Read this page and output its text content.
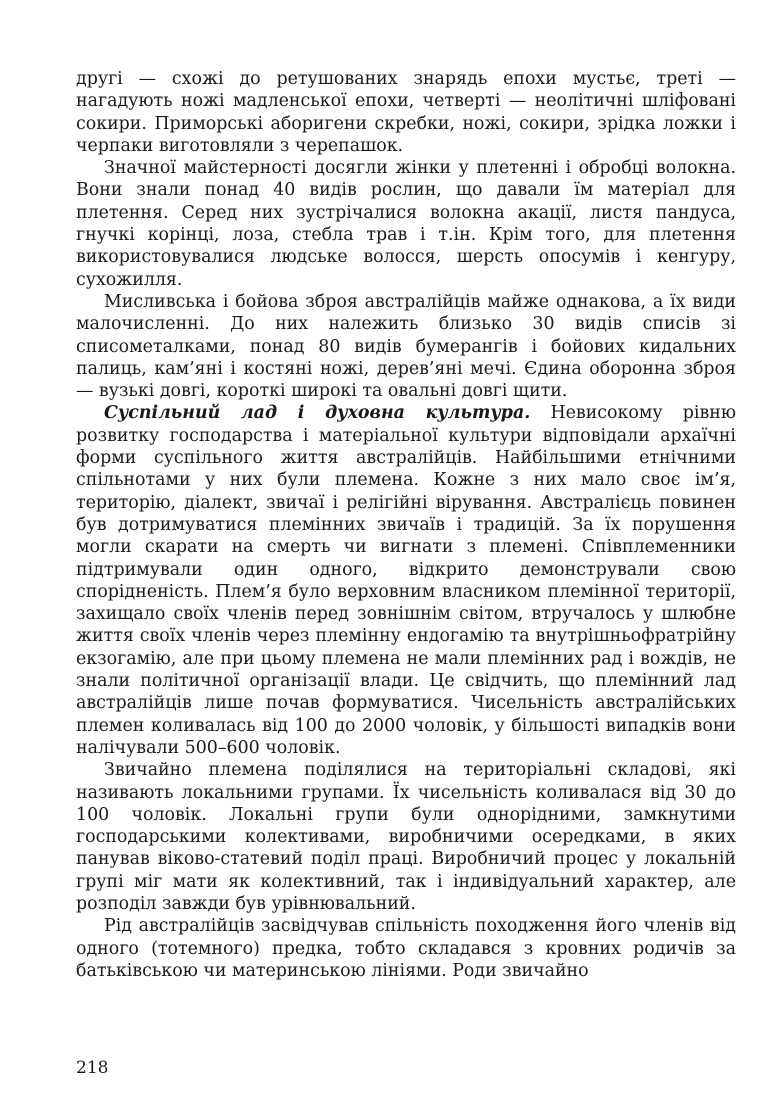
другі — схожі до ретушованих знарядь епохи мустьє, треті — нагадують ножі мадленської епохи, четверті — неолітичні шліфовані сокири. Приморські аборигени скребки, ножі, сокири, зрідка ложки і черпаки виготовляли з черепашок.

Значної майстерності досягли жінки у плетенні і обробці волокна. Вони знали понад 40 видів рослин, що давали їм матеріал для плетення. Серед них зустрічалися волокна акації, листя пандуса, гнучкі корінці, лоза, стебла трав і т.ін. Крім того, для плетення використовувалися людське волосся, шерсть опосумів і кенгуру, сухожилля.

Мисливська і бойова зброя австралійців майже однакова, а їх види малочисленні. До них належить близько 30 видів списів зі списометалками, понад 80 видів бумерангів і бойових кидальних палиць, кам’яні і костяні ножі, дерев’яні мечі. Єдина оборонна зброя — вузькі довгі, короткі широкі та овальні довгі щити.

Суспільний лад і духовна культура. Невисокому рівню розвитку господарства і матеріальної культури відповідали архаїчні форми суспільного життя австралійців. Найбільшими етнічними спільнотами у них були племена. Кожне з них мало своє ім’я, територію, діалект, звичаї і релігійні вірування. Австралієць повинен був дотримуватися племінних звичаїв і традицій. За їх порушення могли скарати на смерть чи вигнати з племені. Співплеменники підтримували один одного, відкрито демонстрували свою спорідненість. Плем’я було верховним власником племінної території, захищало своїх членів перед зовнішнім світом, втручалось у шлюбне життя своїх членів через племінну ендогамію та внутрішньофратрійну екзогамію, але при цьому племена не мали племінних рад і вождів, не знали політичної організації влади. Це свідчить, що племінний лад австралійців лише почав формуватися. Чисельність австралійських племен коливалась від 100 до 2000 чоловік, у більшості випадків вони налічували 500–600 чоловік.

Звичайно племена поділялися на територіальні складові, які називають локальними групами. Їх чисельність коливалася від 30 до 100 чоловік. Локальні групи були однорідними, замкнутими господарськими колективами, виробничими осередками, в яких панував віково-статевий поділ праці. Виробничий процес у локальній групі міг мати як колективний, так і індивідуальний характер, але розподіл завжди був урівнювальний.

Рід австралійців засвідчував спільність походження його членів від одного (тотемного) предка, тобто складався з кровних родичів за батьківською чи материнською лініями. Роди звичайно

218
